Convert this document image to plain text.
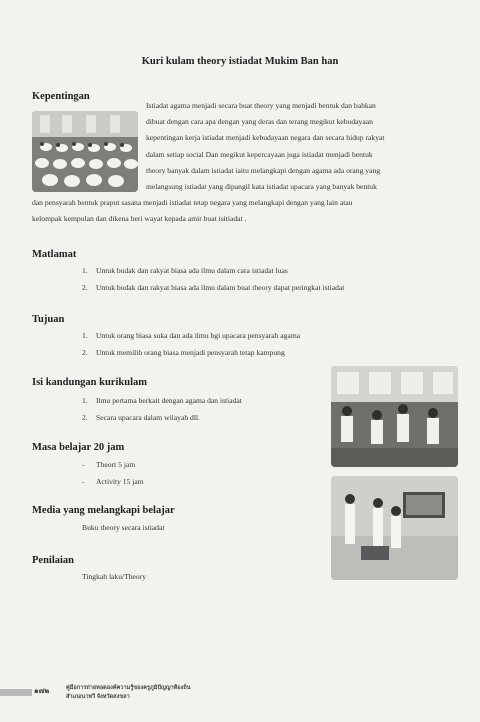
Kuri kulam theory istiadat Mukim Ban han
Kepentingan
Istiadat agama menjadi secara buat theory yang menjadi bentuk dan bahkan
dibuat dengan cara apa dengan yang deras dan terang megikut kebudayaan
kepentingan kerja istiadat menjadi kebudayaan negara dan secara hidup rakyat
dalam setiap social Dan megikut kepercayaan juga istiadat menjadi bentuk
theory banyak dalam istiadat iaitu melangkapi dengan agama ada orang yang
melangsung istiadat yang dipangil kata istiadat upacara yang banyak bentuk
dan pensyarah bentuk praput sasana menjadi istiadat tetap negara yang melangkapi dengan yang lain atau
kelompak kempulan dan dikena beri wayat kepada amir buat isitiadat .
Matlamat
1. Untuk budak dan rakyat biasa ada ilmu dalam cara istiadat luas
2. Untuk budak dan rakyat biasa ada ilmu dalam buat theory dapat peringkat istiadat
Tujuan
1. Untuk orang biasa suka dan ada ilmu bgi upacara pensyarah agama
2. Untuk memilih orang biasa menjadi pensyarah tetap kampung
Isi kandungan kurikulam
1. Ilmu pertama berkait dengan agama dan istiadat
2. Secara upacara dalam wilayah dll.
Masa belajar 20 jam
- Theort 5 jam
- Activity 15 jam
Media yang melangkapi belajar
Buku theory secara istiadat
Penilaian
Tingkah laku/Theory
๑๗๒	คู่มือการถ่ายทอดองค์ความรู้ของครูภูมิปัญญาท้องถิ่น
สำเภอนาทวี จังหวัดสงขลา
